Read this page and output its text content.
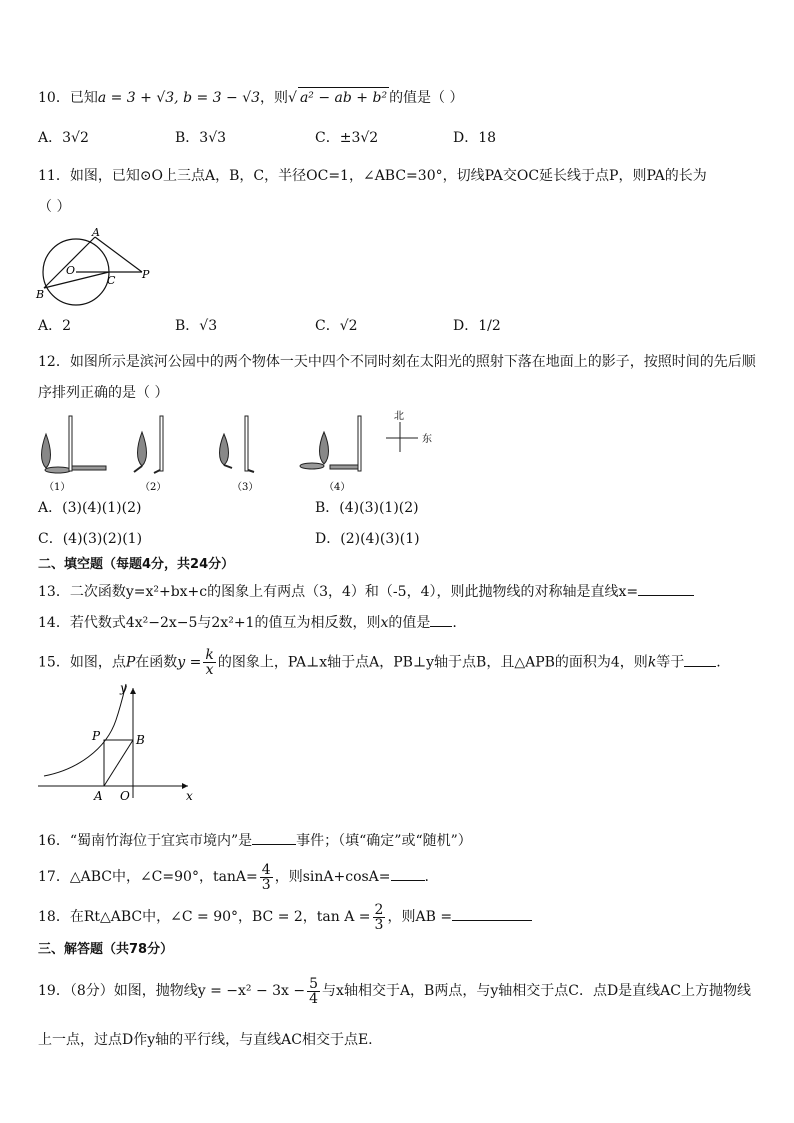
10．已知a = 3 + √3, b = 3 − √3，则√ a² − ab + b² 的值是（ ）
A．3√2	B．3√3	C．±3√2	D．18
11．如图，已知⊙O上三点A，B，C，半径OC=1，∠ABC=30°，切线PA交OC延长线于点P，则PA的长为
（ ）
A
O
C P
B
A．2	B．√3	C．√2	D．1/2
12．如图所示是滨河公园中的两个物体一天中四个不同时刻在太阳光的照射下落在地面上的影子，按照时间的先后顺
序排列正确的是（ ）
（1）	（2）	（3）	（4）
北
东
A．(3)(4)(1)(2)	B．(4)(3)(1)(2)
C．(4)(3)(2)(1)	D．(2)(4)(3)(1)
二、填空题（每题4分，共24分）
13．二次函数y=x²+bx+c的图象上有两点（3，4）和（-5，4），则此抛物线的对称轴是直线x=
14．若代数式4x²−2x−5与2x²+1的值互为相反数，则x的值是 .
15．如图，点P在函数$y = \frac{k}{x}$ 的图象上，PA⊥x轴于点A，PB⊥y轴于点B，且△APB的面积为4，则k等于 .
y
P	B
A O	x
16．“蜀南竹海位于宜宾市境内”是	事件；（填“确定”或“随机”）
17．△ABC中，∠C=90°，$\tan A= \frac{4}{3}$ ，则sinA+cosA= .
18．在Rt△ABC中，∠C = 90°，BC = 2，$\tan A = \frac{2}{3}$ ，则AB =
三、解答题（共78分）
19．（8分）如图，抛物线$y = -x^2 - 3x - \frac{5}{4}$ 与x轴相交于A，B两点，与y轴相交于点C．点D是直线AC上方抛物线
上一点，过点D作y轴的平行线，与直线AC相交于点E.
